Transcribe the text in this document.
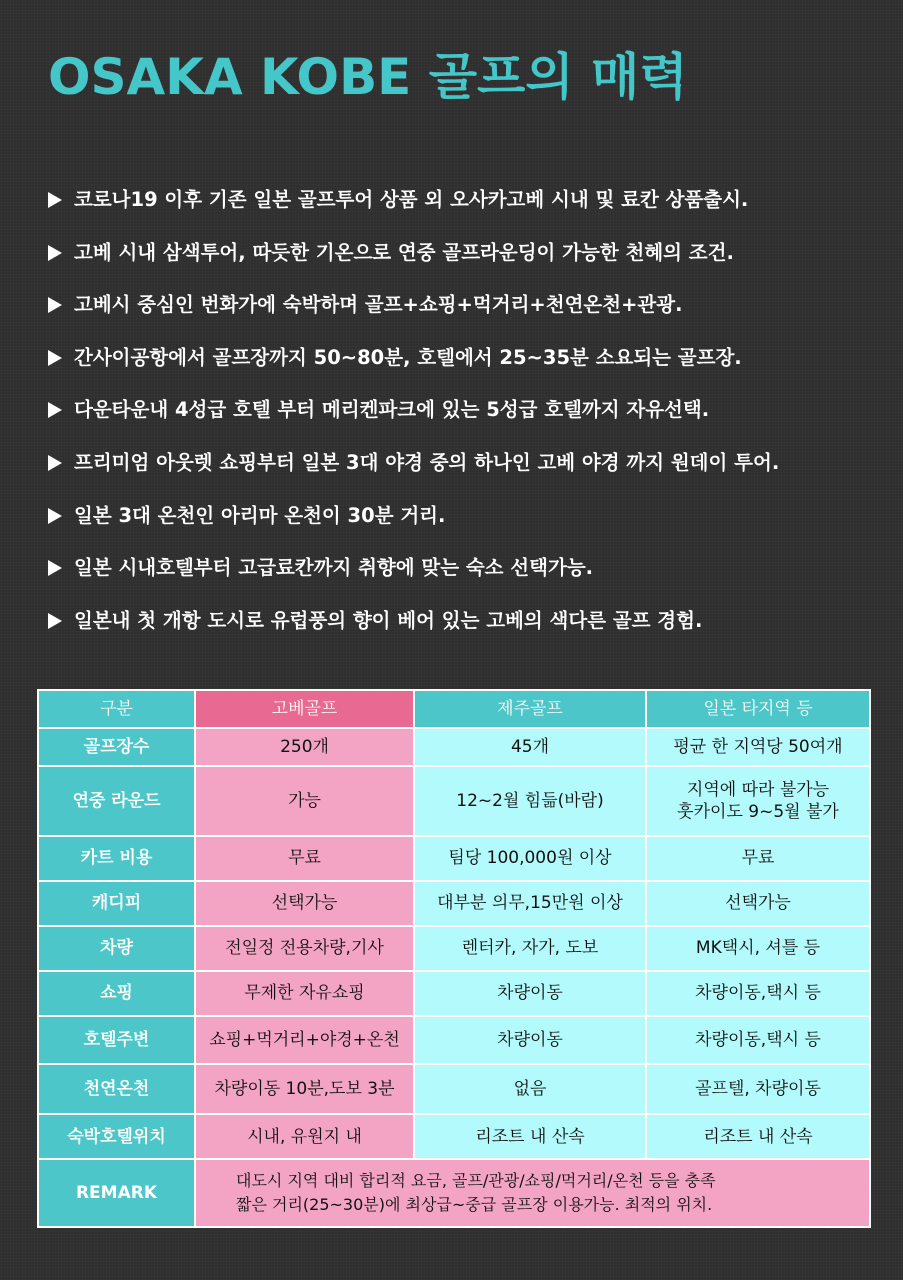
OSAKA KOBE 골프의 매력
코로나19 이후 기존 일본 골프투어 상품 외 오사카고베 시내 및 료칸 상품출시.
고베 시내 삼색투어, 따듯한 기온으로 연중 골프라운딩이 가능한 천혜의 조건.
고베시 중심인 번화가에 숙박하며 골프+쇼핑+먹거리+천연온천+관광.
간사이공항에서 골프장까지 50~80분, 호텔에서 25~35분 소요되는 골프장.
다운타운내 4성급 호텔 부터 메리켄파크에 있는 5성급 호텔까지 자유선택.
프리미엄 아웃렛 쇼핑부터 일본 3대 야경 중의 하나인 고베 야경 까지 원데이 투어.
일본 3대 온천인 아리마 온천이 30분 거리.
일본 시내호텔부터 고급료칸까지 취향에 맞는 숙소 선택가능.
일본내 첫 개항 도시로 유럽풍의 향이 베어 있는 고베의 색다른 골프 경험.
구분	고베골프	제주골프	일본 타지역 등
골프장수	250개	45개	평균 한 지역당 50여개
연중 라운드	가능	12~2월 힘듦(바람)	지역에 따라 불가능
훗카이도 9~5월 불가
카트 비용	무료	팀당 100,000원 이상	무료
캐디피	선택가능	대부분 의무,15만원 이상	선택가능
차량	전일정 전용차량,기사	렌터카, 자가, 도보	MK택시, 셔틀 등
쇼핑	무제한 자유쇼핑	차량이동	차량이동,택시 등
호텔주변	쇼핑+먹거리+야경+온천	차량이동	차량이동,택시 등
천연온천	차량이동 10분,도보 3분	없음	골프텔, 차량이동
숙박호텔위치	시내, 유원지 내	리조트 내 산속	리조트 내 산속
REMARK	대도시 지역 대비 합리적 요금, 골프/관광/쇼핑/먹거리/온천 등을 충족
짧은 거리(25~30분)에 최상급~중급 골프장 이용가능. 최적의 위치.		
